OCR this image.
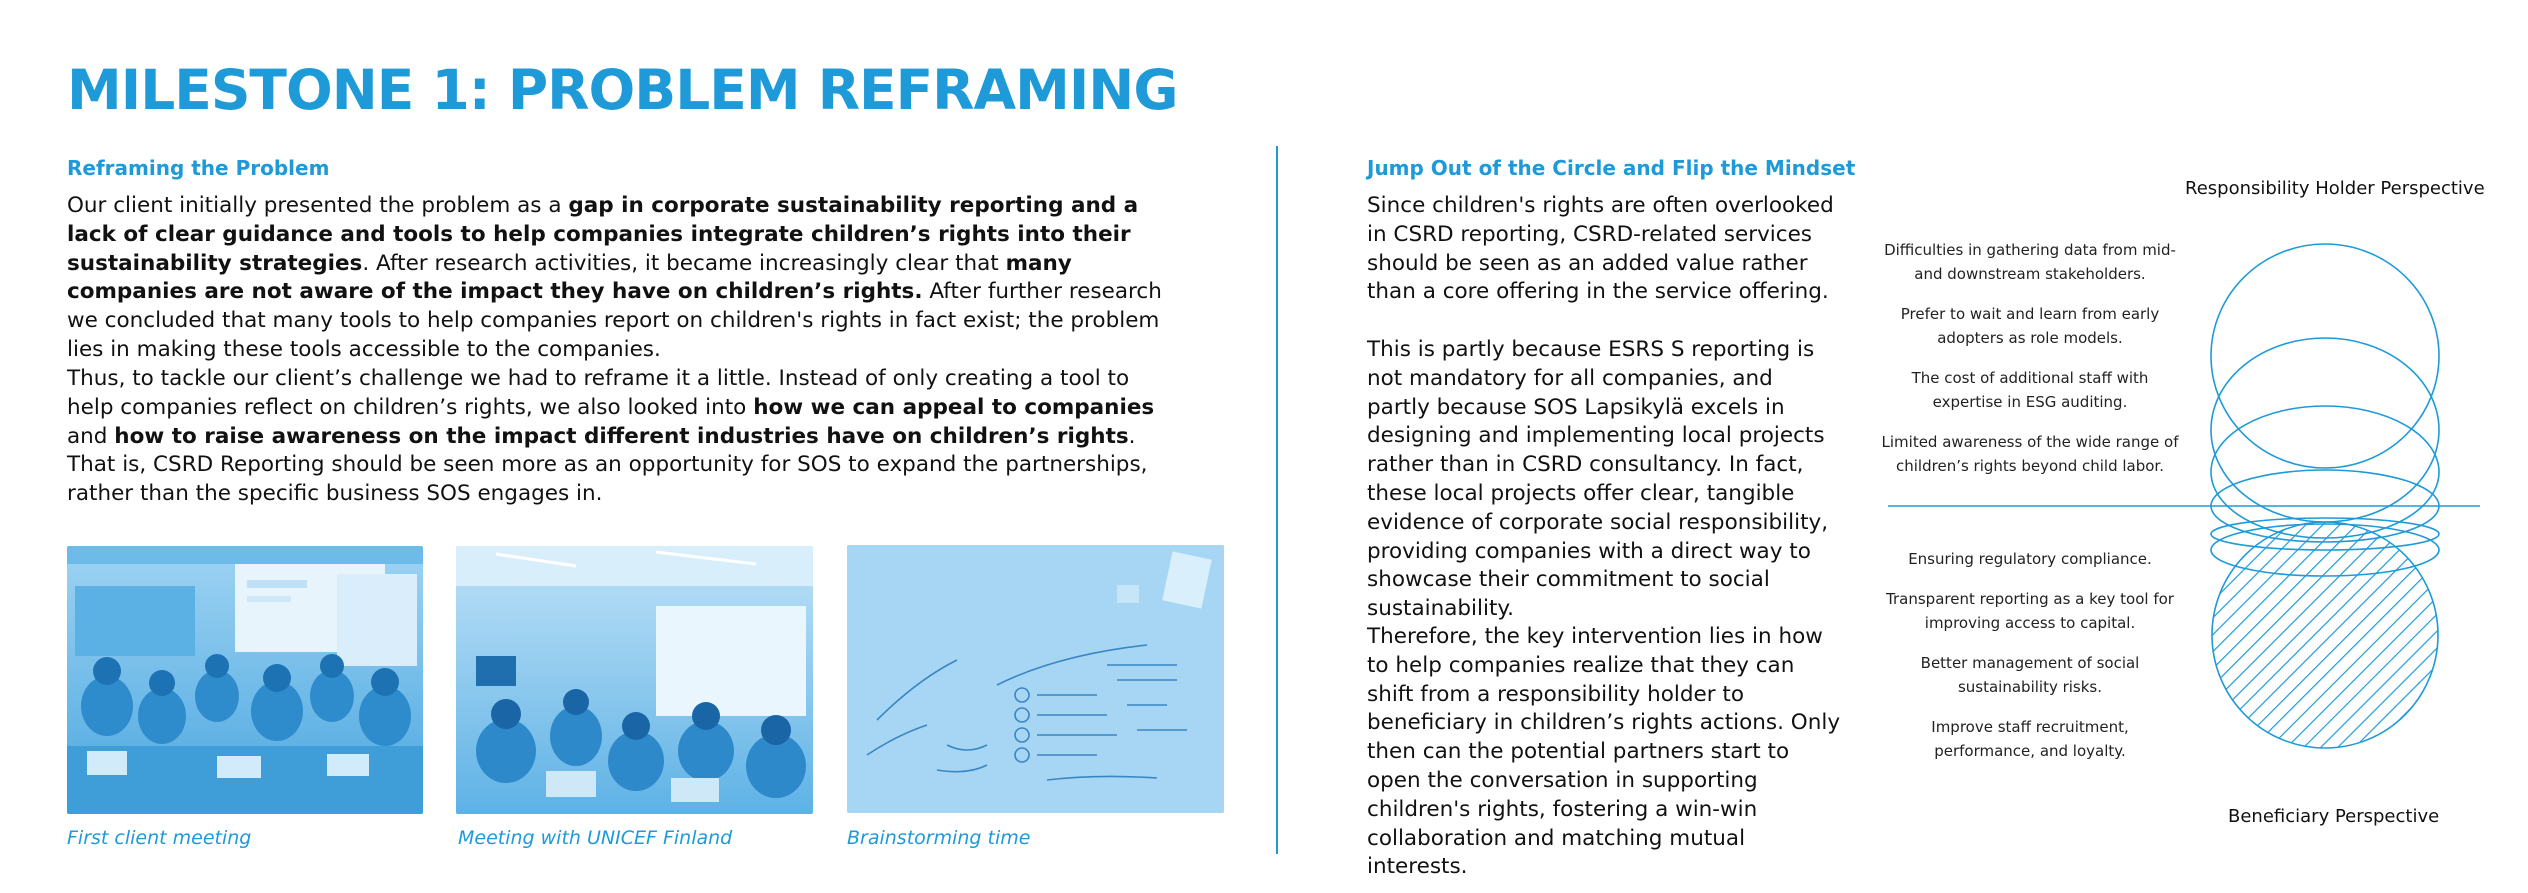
MILESTONE 1: PROBLEM REFRAMING
Reframing the Problem
Our client initially presented the problem as a gap in corporate sustainability reporting and a lack of clear guidance and tools to help companies integrate children’s rights into their sustainability strategies. After research activities, it became increasingly clear that many companies are not aware of the impact they have on children’s rights. After further research we concluded that many tools to help companies report on children's rights in fact exist; the problem lies in making these tools accessible to the companies.
Thus, to tackle our client’s challenge we had to reframe it a little. Instead of only creating a tool to help companies reflect on children’s rights, we also looked into how we can appeal to companies and how to raise awareness on the impact different industries have on children’s rights. That is, CSRD Reporting should be seen more as an opportunity for SOS to expand the partnerships, rather than the specific business SOS engages in.
First client meeting	Meeting with UNICEF Finland	Brainstorming time
Jump Out of the Circle and Flip the Mindset
Since children's rights are often overlooked in CSRD reporting, CSRD-related services should be seen as an added value rather than a core offering in the service offering.
This is partly because ESRS S reporting is not mandatory for all companies, and partly because SOS Lapsikylä excels in designing and implementing local projects rather than in CSRD consultancy. In fact, these local projects offer clear, tangible evidence of corporate social responsibility, providing companies with a direct way to showcase their commitment to social sustainability.
Therefore, the key intervention lies in how to help companies realize that they can shift from a responsibility holder to beneficiary in children’s rights actions. Only then can the potential partners start to open the conversation in supporting children's rights, fostering a win-win collaboration and matching mutual interests.
Responsibility Holder Perspective
Beneficiary Perspective
Difficulties in gathering data from mid- and downstream stakeholders.
Prefer to wait and learn from early adopters as role models.
The cost of additional staff with expertise in ESG auditing.
Limited awareness of the wide range of children’s rights beyond child labor.
Ensuring regulatory compliance.
Transparent reporting as a key tool for improving access to capital.
Better management of social sustainability risks.
Improve staff recruitment, performance, and loyalty.
